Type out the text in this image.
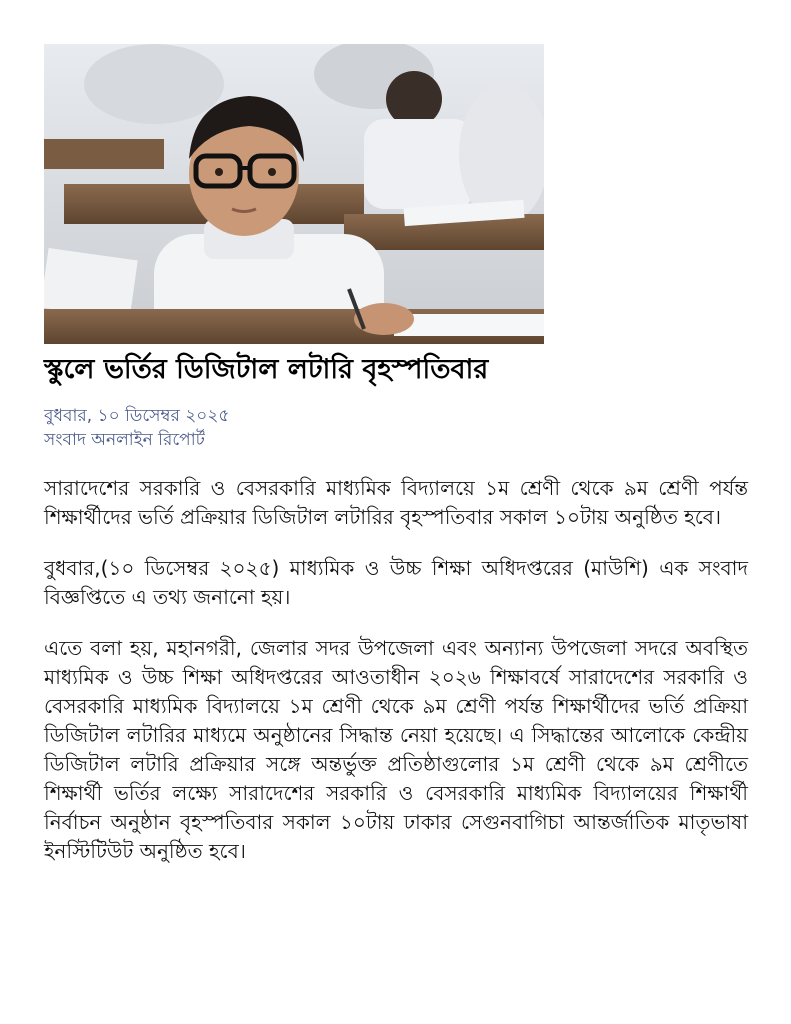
স্কুলে ভর্তির ডিজিটাল লটারি বৃহস্পতিবার
বুধবার, ১০ ডিসেম্বর ২০২৫
সংবাদ অনলাইন রিপোর্ট

সারাদেশের সরকারি ও বেসরকারি মাধ্যমিক বিদ্যালয়ে ১ম শ্রেণী থেকে ৯ম শ্রেণী পর্যন্ত শিক্ষার্থীদের ভর্তি প্রক্রিয়ার ডিজিটাল লটারির বৃহস্পতিবার সকাল ১০টায় অনুষ্ঠিত হবে।

বুধবার,(১০ ডিসেম্বর ২০২৫) মাধ্যমিক ও উচ্চ শিক্ষা অধিদপ্তরের (মাউশি) এক সংবাদ বিজ্ঞপ্তিতে এ তথ্য জনানো হয়।

এতে বলা হয়, মহানগরী, জেলার সদর উপজেলা এবং অন্যান্য উপজেলা সদরে অবস্থিত মাধ্যমিক ও উচ্চ শিক্ষা অধিদপ্তরের আওতাধীন ২০২৬ শিক্ষাবর্ষে সারাদেশের সরকারি ও বেসরকারি মাধ্যমিক বিদ্যালয়ে ১ম শ্রেণী থেকে ৯ম শ্রেণী পর্যন্ত শিক্ষার্থীদের ভর্তি প্রক্রিয়া ডিজিটাল লটারির মাধ্যমে অনুষ্ঠানের সিদ্ধান্ত নেয়া হয়েছে। এ সিদ্ধান্তের আলোকে কেন্দ্রীয় ডিজিটাল লটারি প্রক্রিয়ার সঙ্গে অন্তর্ভুক্ত প্রতিষ্ঠাগুলোর ১ম শ্রেণী থেকে ৯ম শ্রেণীতে শিক্ষার্থী ভর্তির লক্ষ্যে সারাদেশের সরকারি ও বেসরকারি মাধ্যমিক বিদ্যালয়ের শিক্ষার্থী নির্বাচন অনুষ্ঠান বৃহস্পতিবার সকাল ১০টায় ঢাকার সেগুনবাগিচা আন্তর্জাতিক মাতৃভাষা ইনস্টিটিউট অনুষ্ঠিত হবে।
